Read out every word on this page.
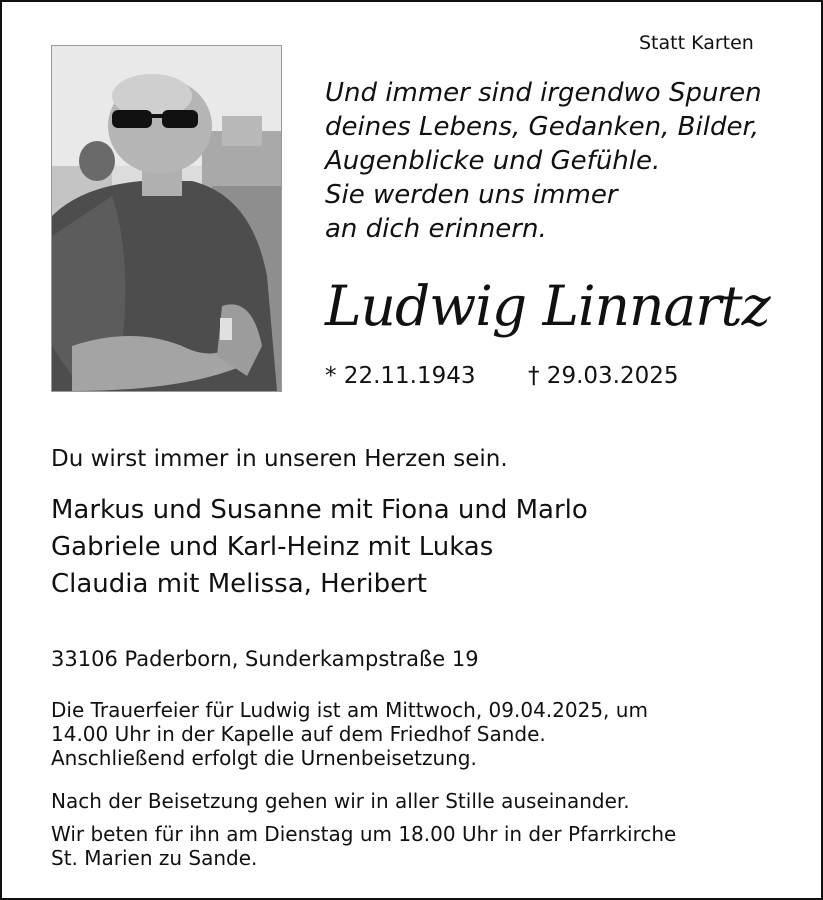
Statt Karten
Und immer sind irgendwo Spuren
deines Lebens, Gedanken, Bilder,
Augenblicke und Gefühle.
Sie werden uns immer
an dich erinnern.
Ludwig Linnartz
* 22.11.1943 † 29.03.2025
Du wirst immer in unseren Herzen sein.
Markus und Susanne mit Fiona und Marlo
Gabriele und Karl-Heinz mit Lukas
Claudia mit Melissa, Heribert
33106 Paderborn, Sunderkampstraße 19
Die Trauerfeier für Ludwig ist am Mittwoch, 09.04.2025, um
14.00 Uhr in der Kapelle auf dem Friedhof Sande.
Anschließend erfolgt die Urnenbeisetzung.
Nach der Beisetzung gehen wir in aller Stille auseinander.
Wir beten für ihn am Dienstag um 18.00 Uhr in der Pfarrkirche
St. Marien zu Sande.
